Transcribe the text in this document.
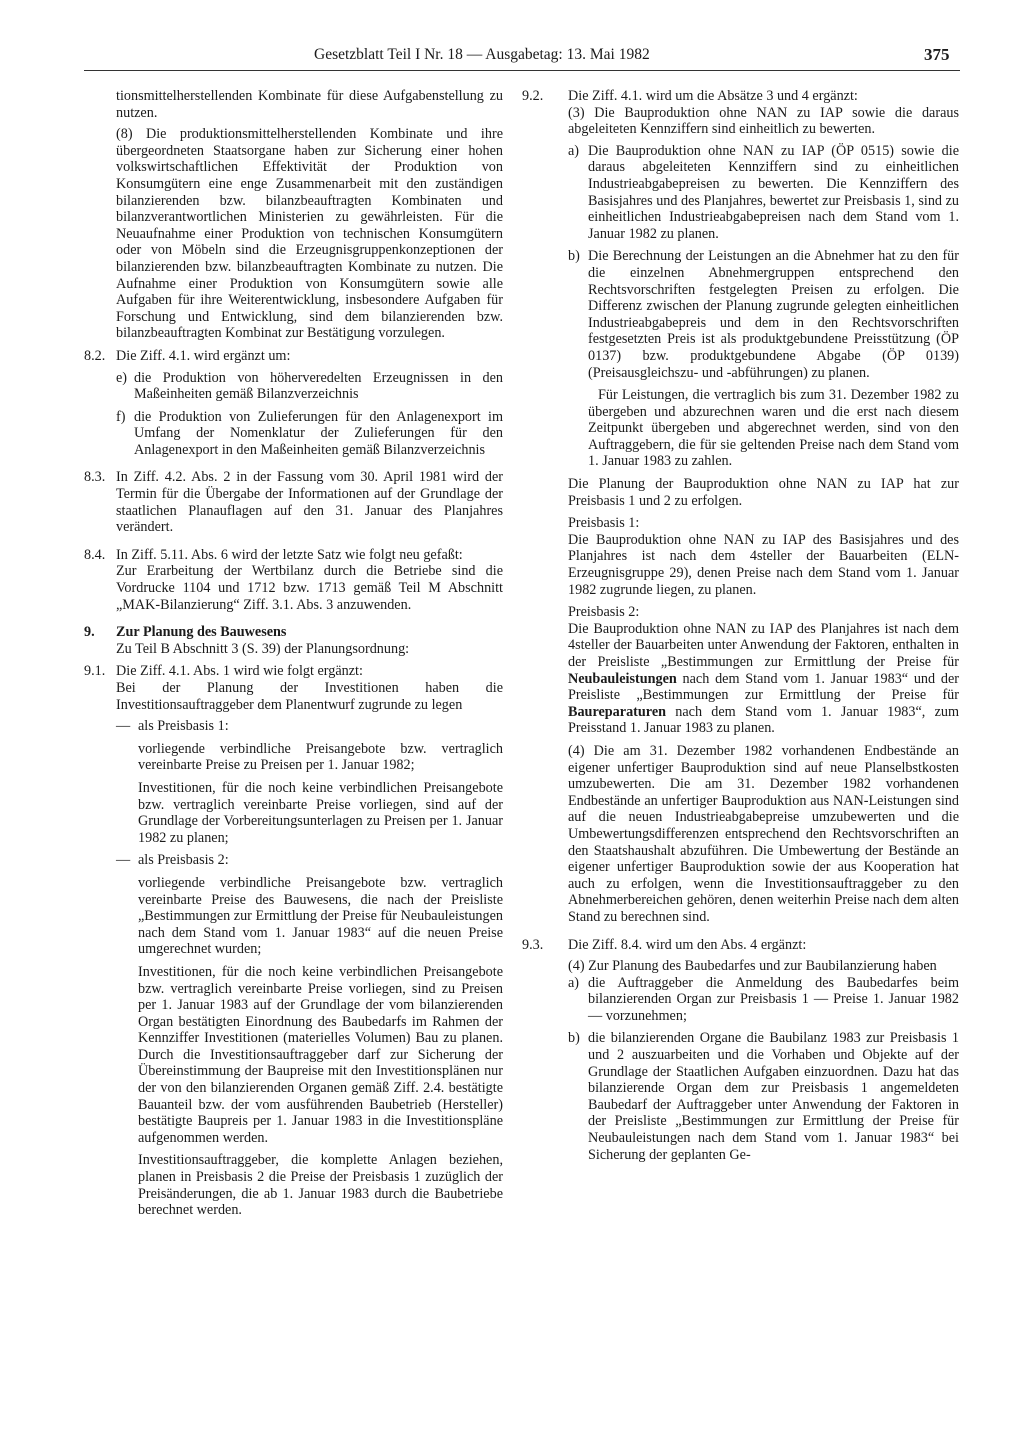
Gesetzblatt Teil I Nr. 18 — Ausgabetag: 13. Mai 1982	375

tionsmittelherstellenden Kombinate für diese Aufgabenstellung zu nutzen.

(8) Die produktionsmittelherstellenden Kombinate und ihre übergeordneten Staatsorgane haben zur Sicherung einer hohen volkswirtschaftlichen Effektivität der Produktion von Konsumgütern eine enge Zusammenarbeit mit den zuständigen bilanzierenden bzw. bilanzbeauftragten Kombinaten und bilanzverantwortlichen Ministerien zu gewährleisten. Für die Neuaufnahme einer Produktion von technischen Konsumgütern oder von Möbeln sind die Erzeugnisgruppenkonzeptionen der bilanzierenden bzw. bilanzbeauftragten Kombinate zu nutzen. Die Aufnahme einer Produktion von Konsumgütern sowie alle Aufgaben für ihre Weiterentwicklung, insbesondere Aufgaben für Forschung und Entwicklung, sind dem bilanzierenden bzw. bilanzbeauftragten Kombinat zur Bestätigung vorzulegen.

8.2. Die Ziff. 4.1. wird ergänzt um:

e) die Produktion von höherveredelten Erzeugnissen in den Maßeinheiten gemäß Bilanzverzeichnis
f) die Produktion von Zulieferungen für den Anlagenexport im Umfang der Nomenklatur der Zulieferungen für den Anlagenexport in den Maßeinheiten gemäß Bilanzverzeichnis
8.3. In Ziff. 4.2. Abs. 2 in der Fassung vom 30. April 1981 wird der Termin für die Übergabe der Informationen auf der Grundlage der staatlichen Planauflagen auf den 31. Januar des Planjahres verändert.

8.4. In Ziff. 5.11. Abs. 6 wird der letzte Satz wie folgt neu gefaßt:

Zur Erarbeitung der Wertbilanz durch die Betriebe sind die Vordrucke 1104 und 1712 bzw. 1713 gemäß Teil M Abschnitt „MAK-Bilanzierung“ Ziff. 3.1. Abs. 3 anzuwenden.

9. Zur Planung des Bauwesens

Zu Teil B Abschnitt 3 (S. 39) der Planungsordnung:

9.1. Die Ziff. 4.1. Abs. 1 wird wie folgt ergänzt:

Bei der Planung der Investitionen haben die Investitionsauftraggeber dem Planentwurf zugrunde zu legen

— als Preisbasis 1:

vorliegende verbindliche Preisangebote bzw. vertraglich vereinbarte Preise zu Preisen per 1. Januar 1982;

Investitionen, für die noch keine verbindlichen Preisangebote bzw. vertraglich vereinbarte Preise vorliegen, sind auf der Grundlage der Vorbereitungsunterlagen zu Preisen per 1. Januar 1982 zu planen;

— als Preisbasis 2:

vorliegende verbindliche Preisangebote bzw. vertraglich vereinbarte Preise des Bauwesens, die nach der Preisliste „Bestimmungen zur Ermittlung der Preise für Neubauleistungen nach dem Stand vom 1. Januar 1983“ auf die neuen Preise umgerechnet wurden;

Investitionen, für die noch keine verbindlichen Preisangebote bzw. vertraglich vereinbarte Preise vorliegen, sind zu Preisen per 1. Januar 1983 auf der Grundlage der vom bilanzierenden Organ bestätigten Einordnung des Baubedarfs im Rahmen der Kennziffer Investitionen (materielles Volumen) Bau zu planen. Durch die Investitionsauftraggeber darf zur Sicherung der Übereinstimmung der Baupreise mit den Investitionsplänen nur der von den bilanzierenden Organen gemäß Ziff. 2.4. bestätigte Bauanteil bzw. der vom ausführenden Baubetrieb (Hersteller) bestätigte Baupreis per 1. Januar 1983 in die Investitionspläne aufgenommen werden.

Investitionsauftraggeber, die komplette Anlagen beziehen, planen in Preisbasis 2 die Preise der Preisbasis 1 zuzüglich der Preisänderungen, die ab 1. Januar 1983 durch die Baubetriebe berechnet werden.

9.2. Die Ziff. 4.1. wird um die Absätze 3 und 4 ergänzt:

(3) Die Bauproduktion ohne NAN zu IAP sowie die daraus abgeleiteten Kennziffern sind einheitlich zu bewerten.

a) Die Bauproduktion ohne NAN zu IAP (ÖP 0515) sowie die daraus abgeleiteten Kennziffern sind zu einheitlichen Industrieabgabepreisen zu bewerten. Die Kennziffern des Basisjahres und des Planjahres, bewertet zur Preisbasis 1, sind zu einheitlichen Industrieabgabepreisen nach dem Stand vom 1. Januar 1982 zu planen.
b) Die Berechnung der Leistungen an die Abnehmer hat zu den für die einzelnen Abnehmergruppen entsprechend den Rechtsvorschriften festgelegten Preisen zu erfolgen. Die Differenz zwischen der Planung zugrunde gelegten einheitlichen Industrieabgabepreis und dem in den Rechtsvorschriften festgesetzten Preis ist als produktgebundene Preisstützung (ÖP 0137) bzw. produktgebundene Abgabe (ÖP 0139) (Preisausgleichszu- und -abführungen) zu planen.

Für Leistungen, die vertraglich bis zum 31. Dezember 1982 zu übergeben und abzurechnen waren und die erst nach diesem Zeitpunkt übergeben und abgerechnet werden, sind von den Auftraggebern, die für sie geltenden Preise nach dem Stand vom 1. Januar 1983 zu zahlen.

Die Planung der Bauproduktion ohne NAN zu IAP hat zur Preisbasis 1 und 2 zu erfolgen.

Preisbasis 1:

Die Bauproduktion ohne NAN zu IAP des Basisjahres und des Planjahres ist nach dem 4steller der Bauarbeiten (ELN-Erzeugnisgruppe 29), denen Preise nach dem Stand vom 1. Januar 1982 zugrunde liegen, zu planen.

Preisbasis 2:

Die Bauproduktion ohne NAN zu IAP des Planjahres ist nach dem 4steller der Bauarbeiten unter Anwendung der Faktoren, enthalten in der Preisliste „Bestimmungen zur Ermittlung der Preise für Neubauleistungen nach dem Stand vom 1. Januar 1983“ und der Preisliste „Bestimmungen zur Ermittlung der Preise für Baureparaturen nach dem Stand vom 1. Januar 1983“, zum Preisstand 1. Januar 1983 zu planen.

(4) Die am 31. Dezember 1982 vorhandenen Endbestände an eigener unfertiger Bauproduktion sind auf neue Planselbstkosten umzubewerten. Die am 31. Dezember 1982 vorhandenen Endbestände an unfertiger Bauproduktion aus NAN-Leistungen sind auf die neuen Industrieabgabepreise umzubewerten und die Umbewertungsdifferenzen entsprechend den Rechtsvorschriften an den Staatshaushalt abzuführen. Die Umbewertung der Bestände an eigener unfertiger Bauproduktion sowie der aus Kooperation hat auch zu erfolgen, wenn die Investitionsauftraggeber zu den Abnehmerbereichen gehören, denen weiterhin Preise nach dem alten Stand zu berechnen sind.

9.3. Die Ziff. 8.4. wird um den Abs. 4 ergänzt:

(4) Zur Planung des Baubedarfes und zur Baubilanzierung haben

a) die Auftraggeber die Anmeldung des Baubedarfes beim bilanzierenden Organ zur Preisbasis 1 — Preise 1. Januar 1982 — vorzunehmen;
b) die bilanzierenden Organe die Baubilanz 1983 zur Preisbasis 1 und 2 auszuarbeiten und die Vorhaben und Objekte auf der Grundlage der Staatlichen Aufgaben einzuordnen. Dazu hat das bilanzierende Organ dem zur Preisbasis 1 angemeldeten Baubedarf der Auftraggeber unter Anwendung der Faktoren in der Preisliste „Bestimmungen zur Ermittlung der Preise für Neubauleistungen nach dem Stand vom 1. Januar 1983“ bei Sicherung der geplanten Ge-
